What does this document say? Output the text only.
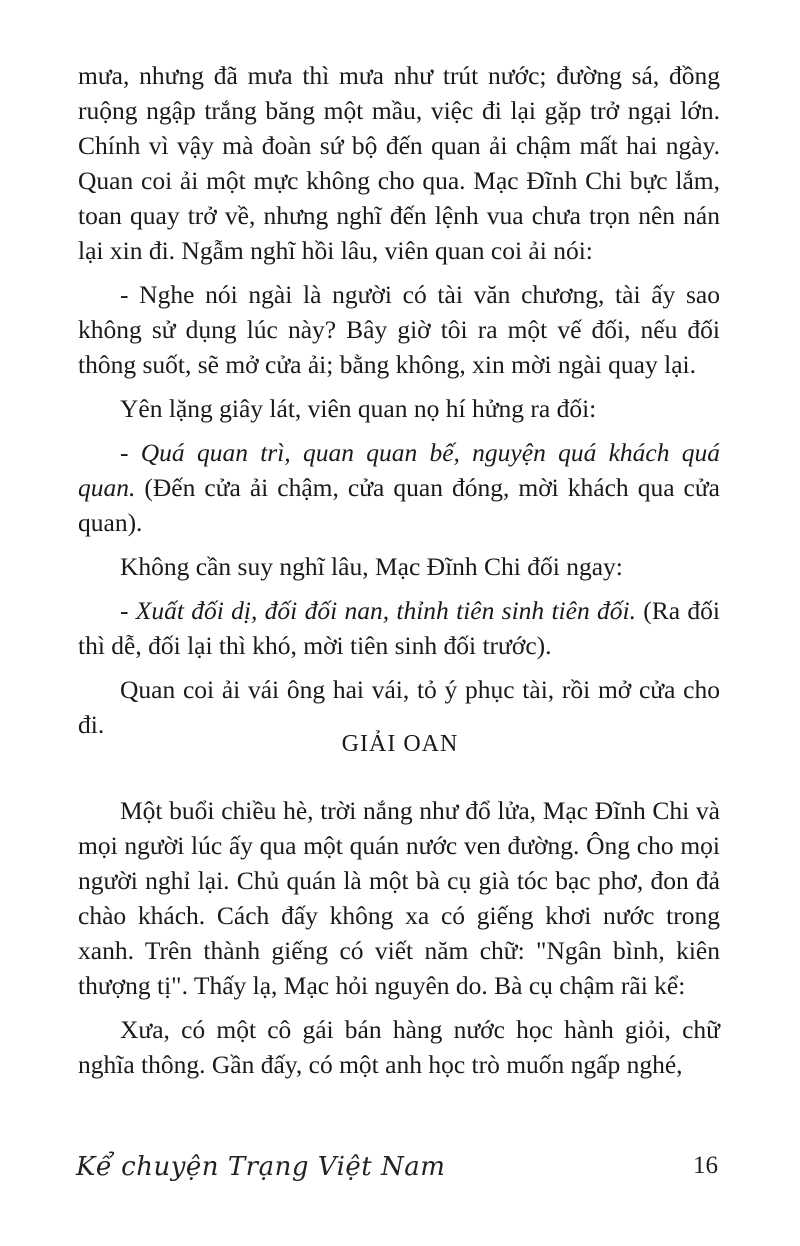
mưa, nhưng đã mưa thì mưa như trút nước; đường sá, đồng ruộng ngập trắng băng một mầu, việc đi lại gặp trở ngại lớn. Chính vì vậy mà đoàn sứ bộ đến quan ải chậm mất hai ngày. Quan coi ải một mực không cho qua. Mạc Đĩnh Chi bực lắm, toan quay trở về, nhưng nghĩ đến lệnh vua chưa trọn nên nán lại xin đi. Ngẫm nghĩ hồi lâu, viên quan coi ải nói:

- Nghe nói ngài là người có tài văn chương, tài ấy sao không sử dụng lúc này? Bây giờ tôi ra một vế đối, nếu đối thông suốt, sẽ mở cửa ải; bằng không, xin mời ngài quay lại.

Yên lặng giây lát, viên quan nọ hí hửng ra đối:

- Quá quan trì, quan quan bế, nguyện quá khách quá quan. (Đến cửa ải chậm, cửa quan đóng, mời khách qua cửa quan).

Không cần suy nghĩ lâu, Mạc Đĩnh Chi đối ngay:

- Xuất đối dị, đối đối nan, thỉnh tiên sinh tiên đối. (Ra đối thì dễ, đối lại thì khó, mời tiên sinh đối trước).

Quan coi ải vái ông hai vái, tỏ ý phục tài, rồi mở cửa cho đi.

GIẢI OAN

Một buổi chiều hè, trời nắng như đổ lửa, Mạc Đĩnh Chi và mọi người lúc ấy qua một quán nước ven đường. Ông cho mọi người nghỉ lại. Chủ quán là một bà cụ già tóc bạc phơ, đon đả chào khách. Cách đấy không xa có giếng khơi nước trong xanh. Trên thành giếng có viết năm chữ: "Ngân bình, kiên thượng tị". Thấy lạ, Mạc hỏi nguyên do. Bà cụ chậm rãi kể:

Xưa, có một cô gái bán hàng nước học hành giỏi, chữ nghĩa thông. Gần đấy, có một anh học trò muốn ngấp nghé,

Kể chuyện Trạng Việt Nam	16
